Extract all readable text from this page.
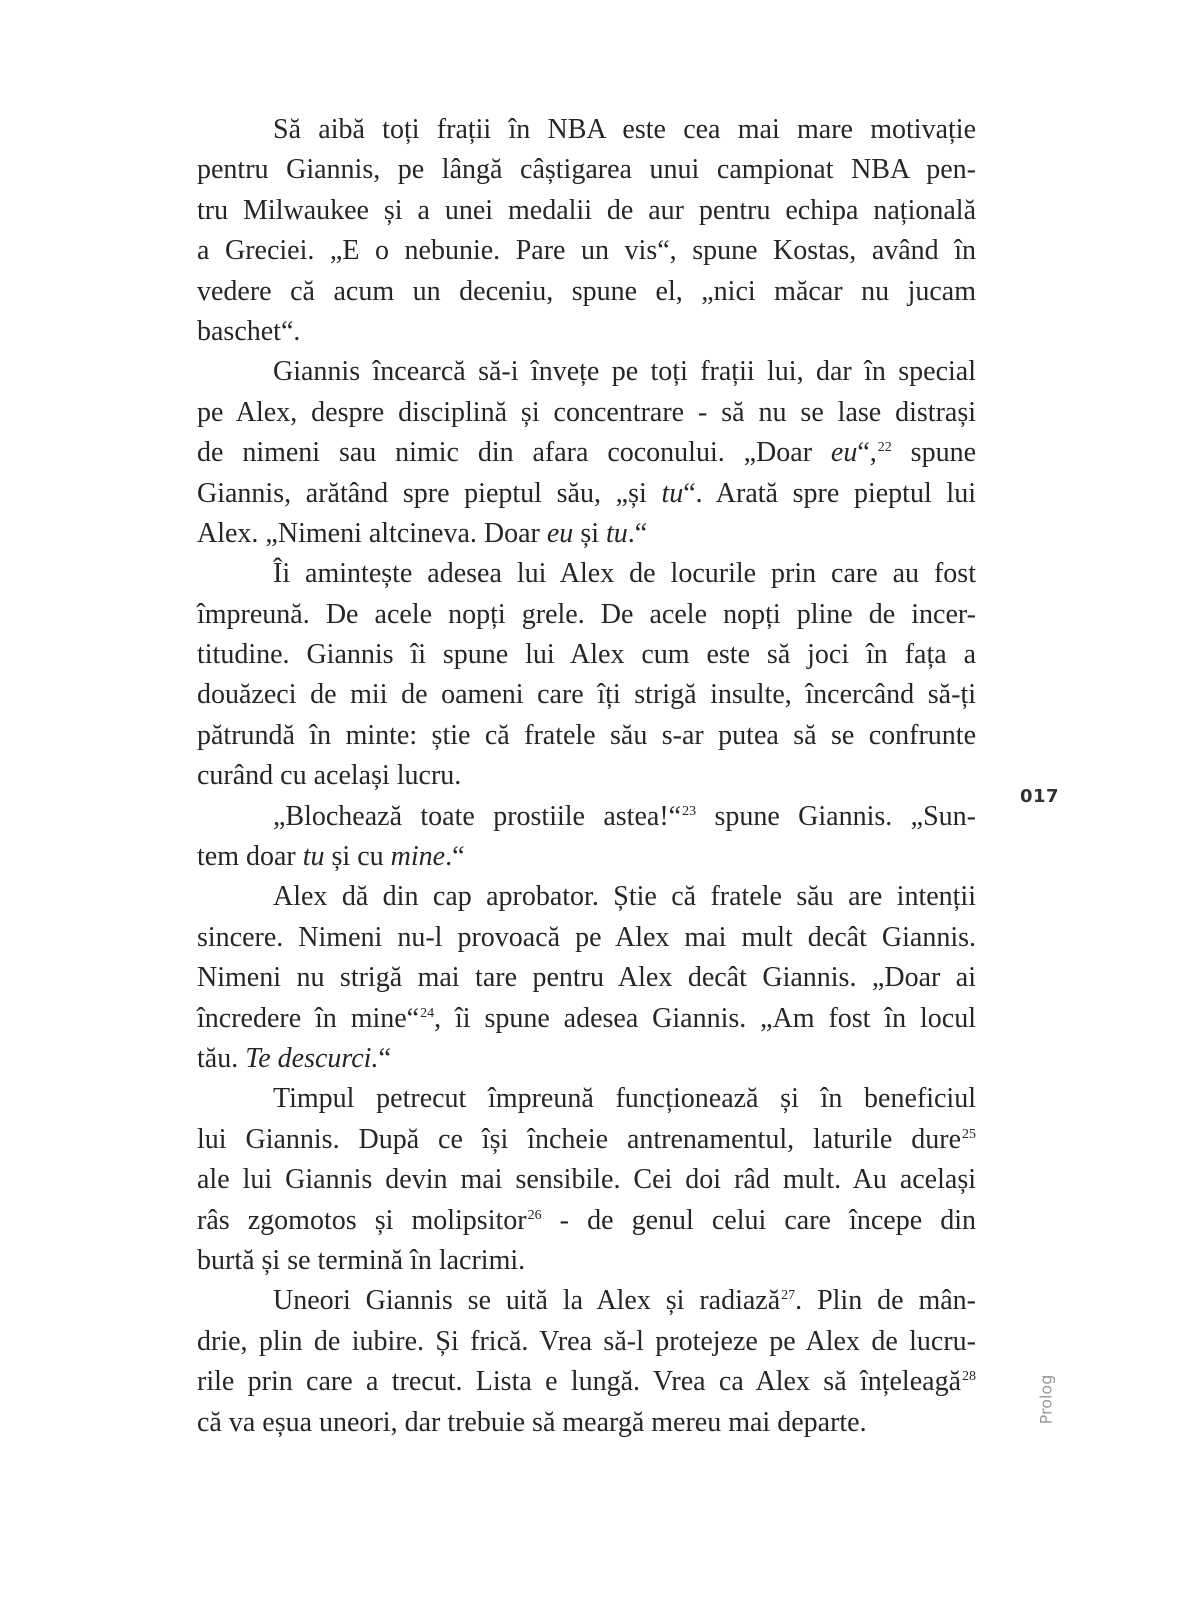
Să aibă toți frații în NBA este cea mai mare motivație
pentru Giannis, pe lângă câștigarea unui campionat NBA pen-
tru Milwaukee și a unei medalii de aur pentru echipa națională
a Greciei. „E o nebunie. Pare un vis“, spune Kostas, având în
vedere că acum un deceniu, spune el, „nici măcar nu jucam
baschet“.
Giannis încearcă să-i învețe pe toți frații lui, dar în special
pe Alex, despre disciplină și concentrare - să nu se lase distrași
de nimeni sau nimic din afara coconului. „Doar eu“,$^{22}$ spune
Giannis, arătând spre pieptul său, „și tu“. Arată spre pieptul lui
Alex. „Nimeni altcineva. Doar eu și tu.“
Îi amintește adesea lui Alex de locurile prin care au fost
împreună. De acele nopți grele. De acele nopți pline de incer-
titudine. Giannis îi spune lui Alex cum este să joci în fața a
douăzeci de mii de oameni care îți strigă insulte, încercând să-ți
pătrundă în minte: știe că fratele său s-ar putea să se confrunte
curând cu același lucru.
„Blochează toate prostiile astea!“$^{23}$ spune Giannis. „Sun-
tem doar tu și cu mine.“
Alex dă din cap aprobator. Știe că fratele său are intenții
sincere. Nimeni nu-l provoacă pe Alex mai mult decât Giannis.
Nimeni nu strigă mai tare pentru Alex decât Giannis. „Doar ai
încredere în mine“$^{24}$, îi spune adesea Giannis. „Am fost în locul
tău. Te descurci.“
Timpul petrecut împreună funcționează și în beneficiul
lui Giannis. După ce își încheie antrenamentul, laturile dure$^{25}$
ale lui Giannis devin mai sensibile. Cei doi râd mult. Au același
râs zgomotos și molipsitor$^{26}$ - de genul celui care începe din
burtă și se termină în lacrimi.
Uneori Giannis se uită la Alex și radiază$^{27}$. Plin de mân-
drie, plin de iubire. Și frică. Vrea să-l protejeze pe Alex de lucru-
rile prin care a trecut. Lista e lungă. Vrea ca Alex să înțeleagă$^{28}$
că va eșua uneori, dar trebuie să meargă mereu mai departe.
017
Prolog
